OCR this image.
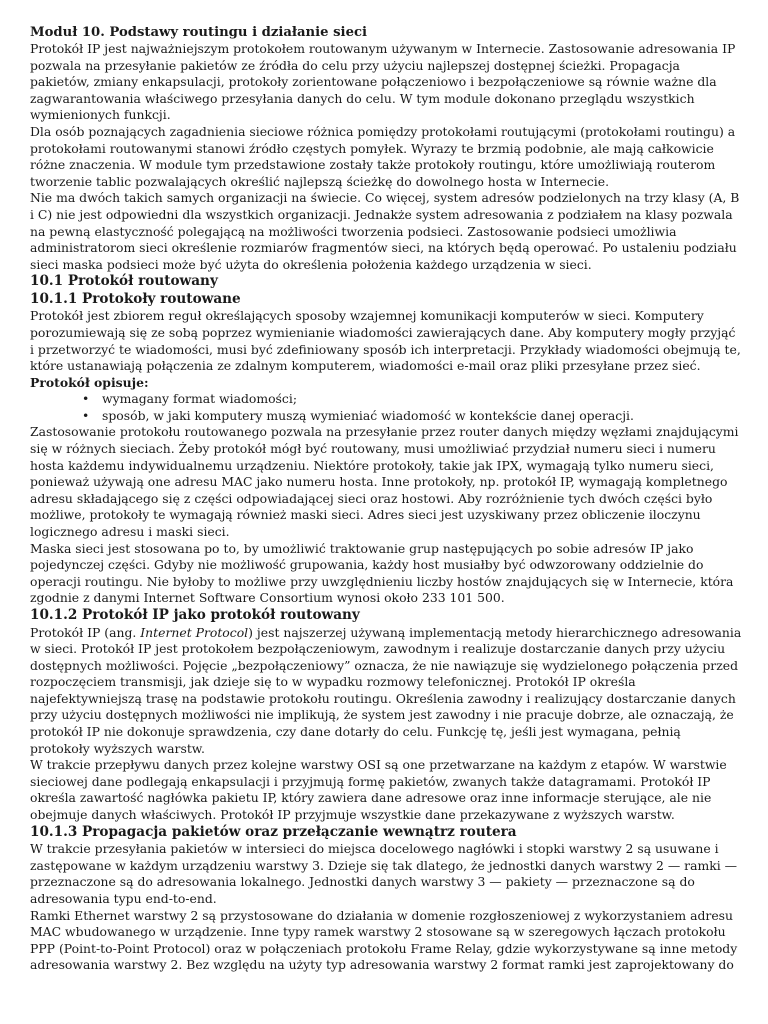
Moduł 10. Podstawy routingu i działanie sieci

Protokół IP jest najważniejszym protokołem routowanym używanym w Internecie. Zastosowanie adresowania IP pozwala na przesyłanie pakietów ze źródła do celu przy użyciu najlepszej dostępnej ścieżki. Propagacja pakietów, zmiany enkapsulacji, protokoły zorientowane połączeniowo i bezpołączeniowe są równie ważne dla zagwarantowania właściwego przesyłania danych do celu. W tym module dokonano przeglądu wszystkich wymienionych funkcji.

Dla osób poznających zagadnienia sieciowe różnica pomiędzy protokołami routującymi (protokołami routingu) a protokołami routowanymi stanowi źródło częstych pomyłek. Wyrazy te brzmią podobnie, ale mają całkowicie różne znaczenia. W module tym przedstawione zostały także protokoły routingu, które umożliwiają routerom tworzenie tablic pozwalających określić najlepszą ścieżkę do dowolnego hosta w Internecie.

Nie ma dwóch takich samych organizacji na świecie. Co więcej, system adresów podzielonych na trzy klasy (A, B i C) nie jest odpowiedni dla wszystkich organizacji. Jednakże system adresowania z podziałem na klasy pozwala na pewną elastyczność polegającą na możliwości tworzenia podsieci. Zastosowanie podsieci umożliwia administratorom sieci określenie rozmiarów fragmentów sieci, na których będą operować. Po ustaleniu podziału sieci maska podsieci może być użyta do określenia położenia każdego urządzenia w sieci.

10.1 Protokół routowany
10.1.1 Protokoły routowane

Protokół jest zbiorem reguł określających sposoby wzajemnej komunikacji komputerów w sieci. Komputery porozumiewają się ze sobą poprzez wymienianie wiadomości zawierających dane. Aby komputery mogły przyjąć i przetworzyć te wiadomości, musi być zdefiniowany sposób ich interpretacji. Przykłady wiadomości obejmują te, które ustanawiają połączenia ze zdalnym komputerem, wiadomości e-mail oraz pliki przesyłane przez sieć.

Protokół opisuje:

• wymagany format wiadomości;
• sposób, w jaki komputery muszą wymieniać wiadomość w kontekście danej operacji.

Zastosowanie protokołu routowanego pozwala na przesyłanie przez router danych między węzłami znajdującymi się w różnych sieciach. Żeby protokół mógł być routowany, musi umożliwiać przydział numeru sieci i numeru hosta każdemu indywidualnemu urządzeniu. Niektóre protokoły, takie jak IPX, wymagają tylko numeru sieci, ponieważ używają one adresu MAC jako numeru hosta. Inne protokoły, np. protokół IP, wymagają kompletnego adresu składającego się z części odpowiadającej sieci oraz hostowi. Aby rozróżnienie tych dwóch części było możliwe, protokoły te wymagają również maski sieci. Adres sieci jest uzyskiwany przez obliczenie iloczynu logicznego adresu i maski sieci.

Maska sieci jest stosowana po to, by umożliwić traktowanie grup następujących po sobie adresów IP jako pojedynczej części. Gdyby nie możliwość grupowania, każdy host musiałby być odwzorowany oddzielnie do operacji routingu. Nie byłoby to możliwe przy uwzględnieniu liczby hostów znajdujących się w Internecie, która zgodnie z danymi Internet Software Consortium wynosi około 233 101 500.

10.1.2 Protokół IP jako protokół routowany

Protokół IP (ang. Internet Protocol) jest najszerzej używaną implementacją metody hierarchicznego adresowania w sieci. Protokół IP jest protokołem bezpołączeniowym, zawodnym i realizuje dostarczanie danych przy użyciu dostępnych możliwości. Pojęcie „bezpołączeniowy” oznacza, że nie nawiązuje się wydzielonego połączenia przed rozpoczęciem transmisji, jak dzieje się to w wypadku rozmowy telefonicznej. Protokół IP określa najefektywniejszą trasę na podstawie protokołu routingu. Określenia zawodny i realizujący dostarczanie danych przy użyciu dostępnych możliwości nie implikują, że system jest zawodny i nie pracuje dobrze, ale oznaczają, że protokół IP nie dokonuje sprawdzenia, czy dane dotarły do celu. Funkcję tę, jeśli jest wymagana, pełnią protokoły wyższych warstw.

W trakcie przepływu danych przez kolejne warstwy OSI są one przetwarzane na każdym z etapów. W warstwie sieciowej dane podlegają enkapsulacji i przyjmują formę pakietów, zwanych także datagramami. Protokół IP określa zawartość nagłówka pakietu IP, który zawiera dane adresowe oraz inne informacje sterujące, ale nie obejmuje danych właściwych. Protokół IP przyjmuje wszystkie dane przekazywane z wyższych warstw.

10.1.3 Propagacja pakietów oraz przełączanie wewnątrz routera

W trakcie przesyłania pakietów w intersieci do miejsca docelowego nagłówki i stopki warstwy 2 są usuwane i zastępowane w każdym urządzeniu warstwy 3. Dzieje się tak dlatego, że jednostki danych warstwy 2 — ramki — przeznaczone są do adresowania lokalnego. Jednostki danych warstwy 3 — pakiety — przeznaczone są do adresowania typu end-to-end.

Ramki Ethernet warstwy 2 są przystosowane do działania w domenie rozgłoszeniowej z wykorzystaniem adresu MAC wbudowanego w urządzenie. Inne typy ramek warstwy 2 stosowane są w szeregowych łączach protokołu PPP (Point-to-Point Protocol) oraz w połączeniach protokołu Frame Relay, gdzie wykorzystywane są inne metody adresowania warstwy 2. Bez względu na użyty typ adresowania warstwy 2 format ramki jest zaprojektowany do
